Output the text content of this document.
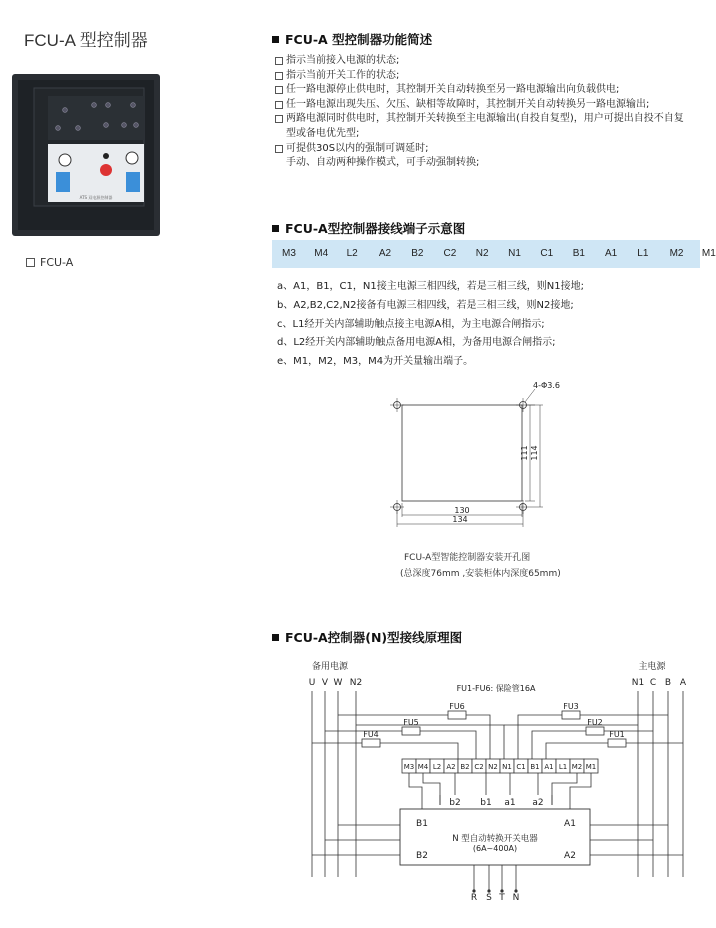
FCU-A 型控制器
ATS 双电源控制器
FCU-A
FCU-A 型控制器功能简述
指示当前接入电源的状态;
指示当前开关工作的状态;
任一路电源停止供电时，其控制开关自动转换至另一路电源输出向负载供电;
任一路电源出现失压、欠压、缺相等故障时，其控制开关自动转换另一路电源输出;
两路电源同时供电时，其控制开关转换至主电源输出(自投自复型)，用户可提出自投不自复
型或备电优先型;
可提供30S以内的强制可调延时;
手动、自动两种操作模式，可手动强制转换;
FCU-A型控制器接线端子示意图
M3 M4 L2 A2 B2 C2 N2 N1 C1 B1 A1 L1 M2 M1
a、A1，B1，C1，N1接主电源三相四线，若是三相三线，则N1接地;
b、A2,B2,C2,N2接备有电源三相四线，若是三相三线，则N2接地;
c、L1经开关内部辅助触点接主电源A相，为主电源合闸指示;
d、L2经开关内部辅助触点备用电源A相，为备用电源合闸指示;
e、M1，M2，M3，M4为开关量输出端子。
4-Φ3.6
130
134
111 114
FCU-A型智能控制器安装开孔图
(总深度76mm ,安装柜体内深度65mm)
FCU-A控制器(N)型接线原理图
备用电源	主电源
FU1-FU6: 保险管16A
U V W N2	N1 C B A
R S T N
M3 M4 L2 A2 B2 C2 N2 N1 C1 B1 A1 L1 M2 M1
FU6
FU5
FU4
FU3
FU2
FU1
b2 b1 a1 a2
B1	A1
N 型自动转换开关电器
(6A~400A)
B2	A2
